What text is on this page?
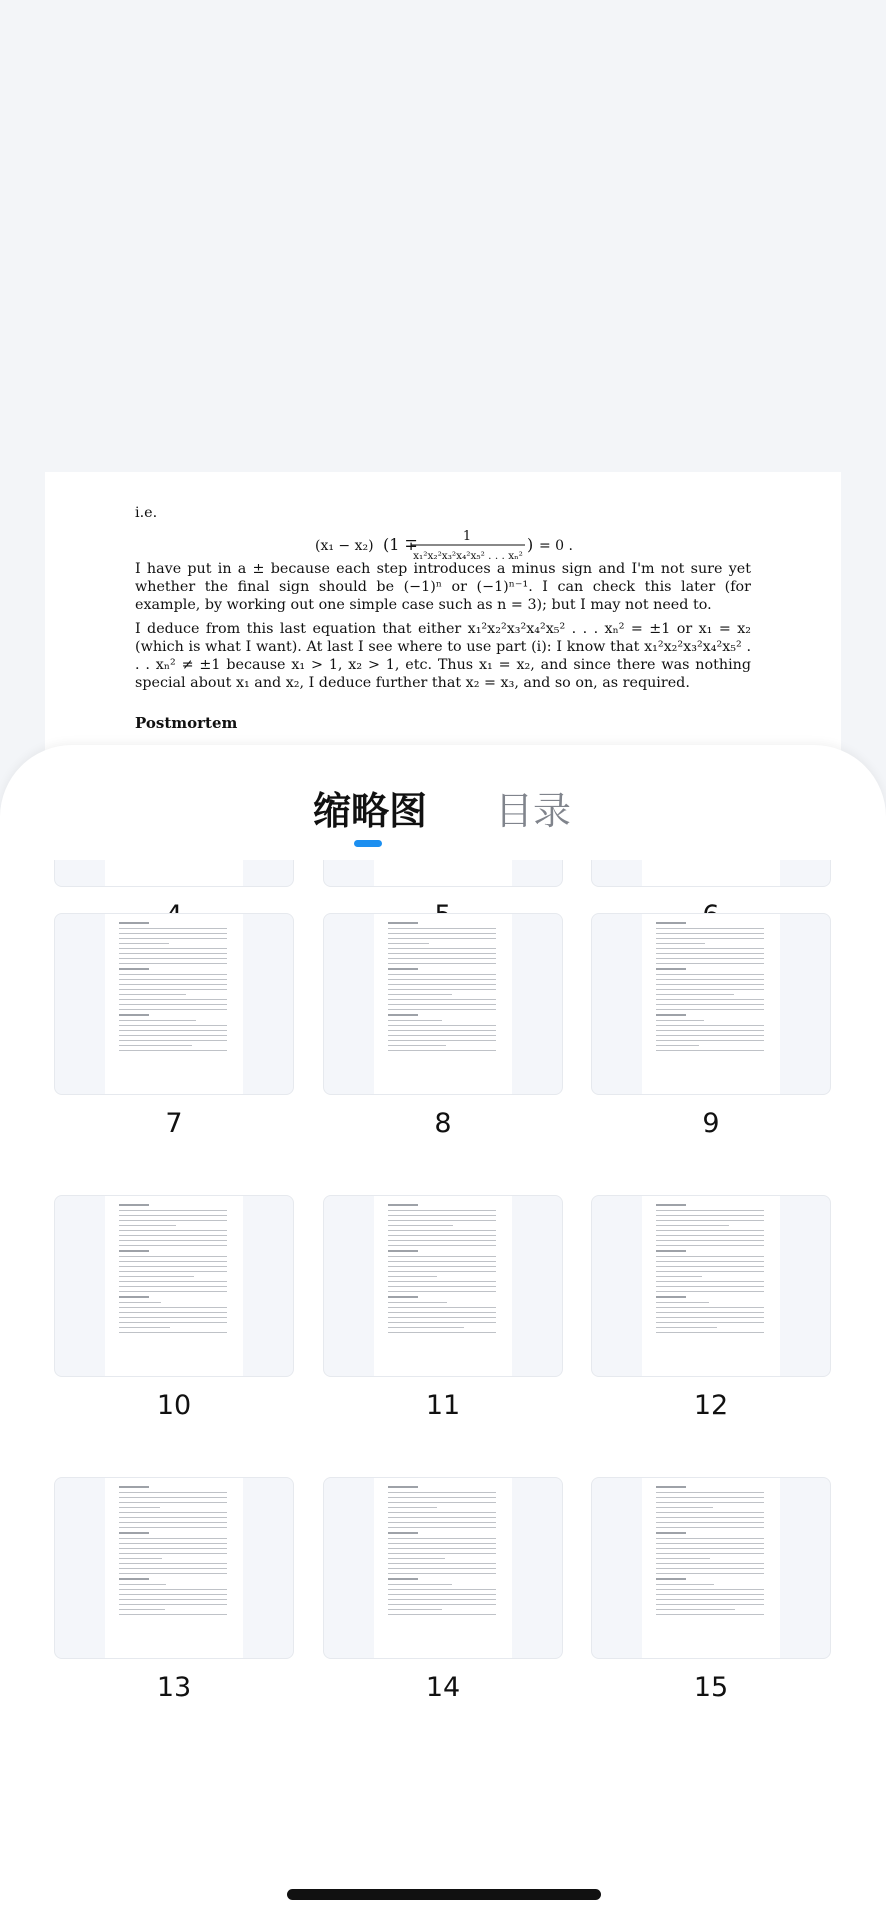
i.e.
(x₁ − x₂) (1 ∓	1
x₁²x₂²x₃²x₄²x₅² . . . xₙ²
) = 0 .
I have put in a ± because each step introduces a minus sign and I'm not sure yet whether the final sign should be (−1)ⁿ or (−1)ⁿ⁻¹. I can check this later (for example, by working out one simple case such as n = 3); but I may not need to.
I deduce from this last equation that either x₁²x₂²x₃²x₄²x₅² . . . xₙ² = ±1 or x₁ = x₂ (which is what I want). At last I see where to use part (i): I know that x₁²x₂²x₃²x₄²x₅² . . . xₙ² ≠ ±1 because x₁ > 1, x₂ > 1, etc. Thus x₁ = x₂, and since there was nothing special about x₁ and x₂, I deduce further that x₂ = x₃, and so on, as required.
Postmortem
缩略图 目录
7	8	9
10	11	12
13	14	15
